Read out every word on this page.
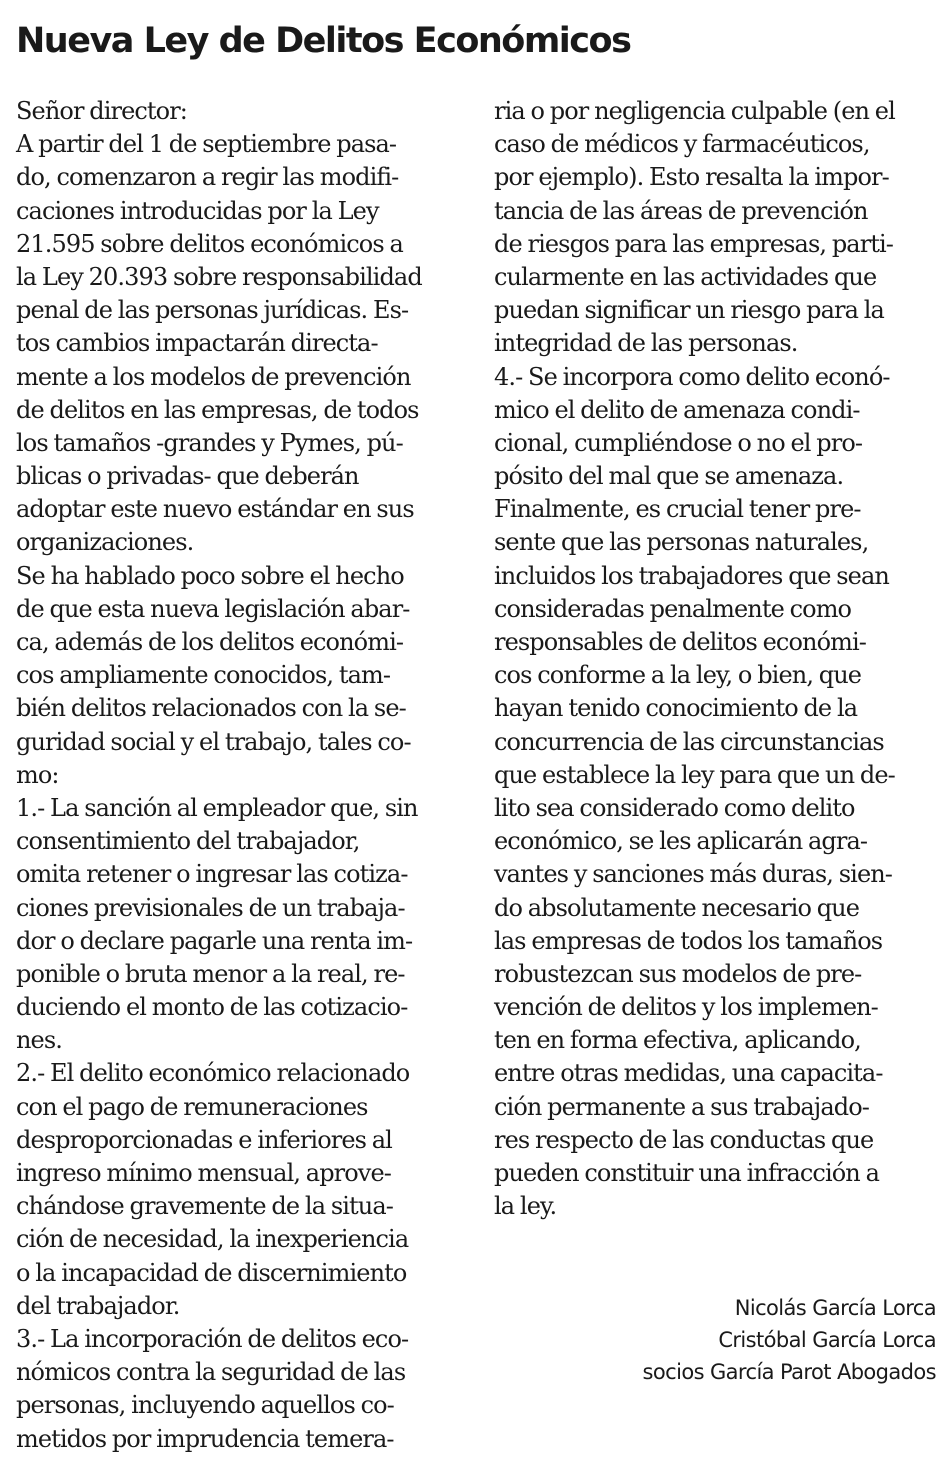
Nueva Ley de Delitos Económicos
Señor director:
A partir del 1 de septiembre pasa-
do, comenzaron a regir las modifi-
caciones introducidas por la Ley
21.595 sobre delitos económicos a
la Ley 20.393 sobre responsabilidad
penal de las personas jurídicas. Es-
tos cambios impactarán directa-
mente a los modelos de prevención
de delitos en las empresas, de todos
los tamaños -grandes y Pymes, pú-
blicas o privadas- que deberán
adoptar este nuevo estándar en sus
organizaciones.
Se ha hablado poco sobre el hecho
de que esta nueva legislación abar-
ca, además de los delitos económi-
cos ampliamente conocidos, tam-
bién delitos relacionados con la se-
guridad social y el trabajo, tales co-
mo:
1.- La sanción al empleador que, sin
consentimiento del trabajador,
omita retener o ingresar las cotiza-
ciones previsionales de un trabaja-
dor o declare pagarle una renta im-
ponible o bruta menor a la real, re-
duciendo el monto de las cotizacio-
nes.
2.- El delito económico relacionado
con el pago de remuneraciones
desproporcionadas e inferiores al
ingreso mínimo mensual, aprove-
chándose gravemente de la situa-
ción de necesidad, la inexperiencia
o la incapacidad de discernimiento
del trabajador.
3.- La incorporación de delitos eco-
nómicos contra la seguridad de las
personas, incluyendo aquellos co-
metidos por imprudencia temera-
ria o por negligencia culpable (en el
caso de médicos y farmacéuticos,
por ejemplo). Esto resalta la impor-
tancia de las áreas de prevención
de riesgos para las empresas, parti-
cularmente en las actividades que
puedan significar un riesgo para la
integridad de las personas.
4.- Se incorpora como delito econó-
mico el delito de amenaza condi-
cional, cumpliéndose o no el pro-
pósito del mal que se amenaza.
Finalmente, es crucial tener pre-
sente que las personas naturales,
incluidos los trabajadores que sean
consideradas penalmente como
responsables de delitos económi-
cos conforme a la ley, o bien, que
hayan tenido conocimiento de la
concurrencia de las circunstancias
que establece la ley para que un de-
lito sea considerado como delito
económico, se les aplicarán agra-
vantes y sanciones más duras, sien-
do absolutamente necesario que
las empresas de todos los tamaños
robustezcan sus modelos de pre-
vención de delitos y los implemen-
ten en forma efectiva, aplicando,
entre otras medidas, una capacita-
ción permanente a sus trabajado-
res respecto de las conductas que
pueden constituir una infracción a
la ley.
Nicolás García Lorca
Cristóbal García Lorca
socios García Parot Abogados
